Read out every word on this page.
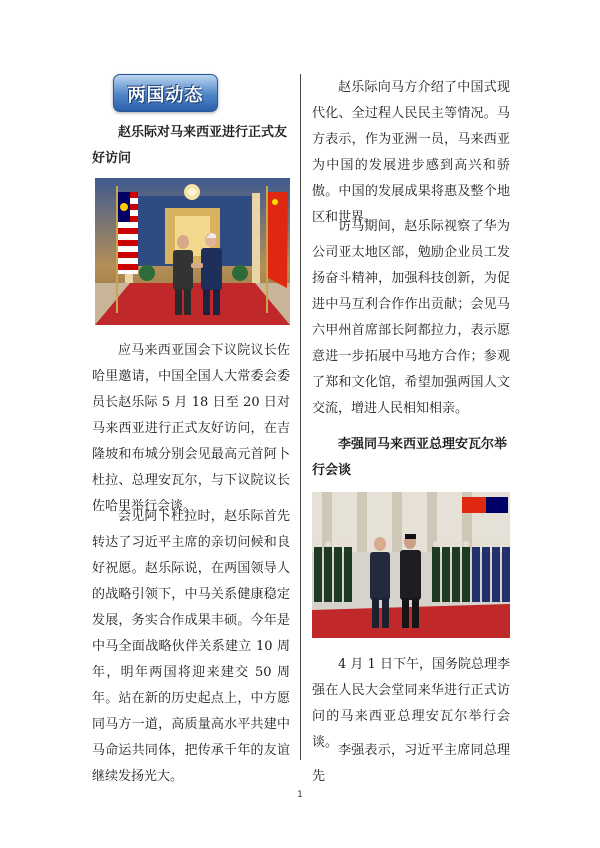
两国动态
赵乐际对马来西亚进行正式友好访问
应马来西亚国会下议院议长佐哈里邀请，中国全国人大常委会委员长赵乐际 5 月 18 日至 20 日对马来西亚进行正式友好访问，在吉隆坡和布城分别会见最高元首阿卜杜拉、总理安瓦尔，与下议院议长佐哈里举行会谈。
会见阿卜杜拉时，赵乐际首先转达了习近平主席的亲切问候和良好祝愿。赵乐际说，在两国领导人的战略引领下，中马关系健康稳定发展，务实合作成果丰硕。今年是中马全面战略伙伴关系建立 10 周年，明年两国将迎来建交 50 周年。站在新的历史起点上，中方愿同马方一道，高质量高水平共建中马命运共同体，把传承千年的友谊继续发扬光大。
赵乐际向马方介绍了中国式现代化、全过程人民民主等情况。马方表示，作为亚洲一员，马来西亚为中国的发展进步感到高兴和骄傲。中国的发展成果将惠及整个地区和世界。
访马期间，赵乐际视察了华为公司亚太地区部，勉励企业员工发扬奋斗精神，加强科技创新，为促进中马互利合作作出贡献；会见马六甲州首席部长阿都拉力，表示愿意进一步拓展中马地方合作；参观了郑和文化馆，希望加强两国人文交流，增进人民相知相亲。
李强同马来西亚总理安瓦尔举行会谈
4 月 1 日下午，国务院总理李强在人民大会堂同来华进行正式访问的马来西亚总理安瓦尔举行会谈。
李强表示，习近平主席同总理先
1
